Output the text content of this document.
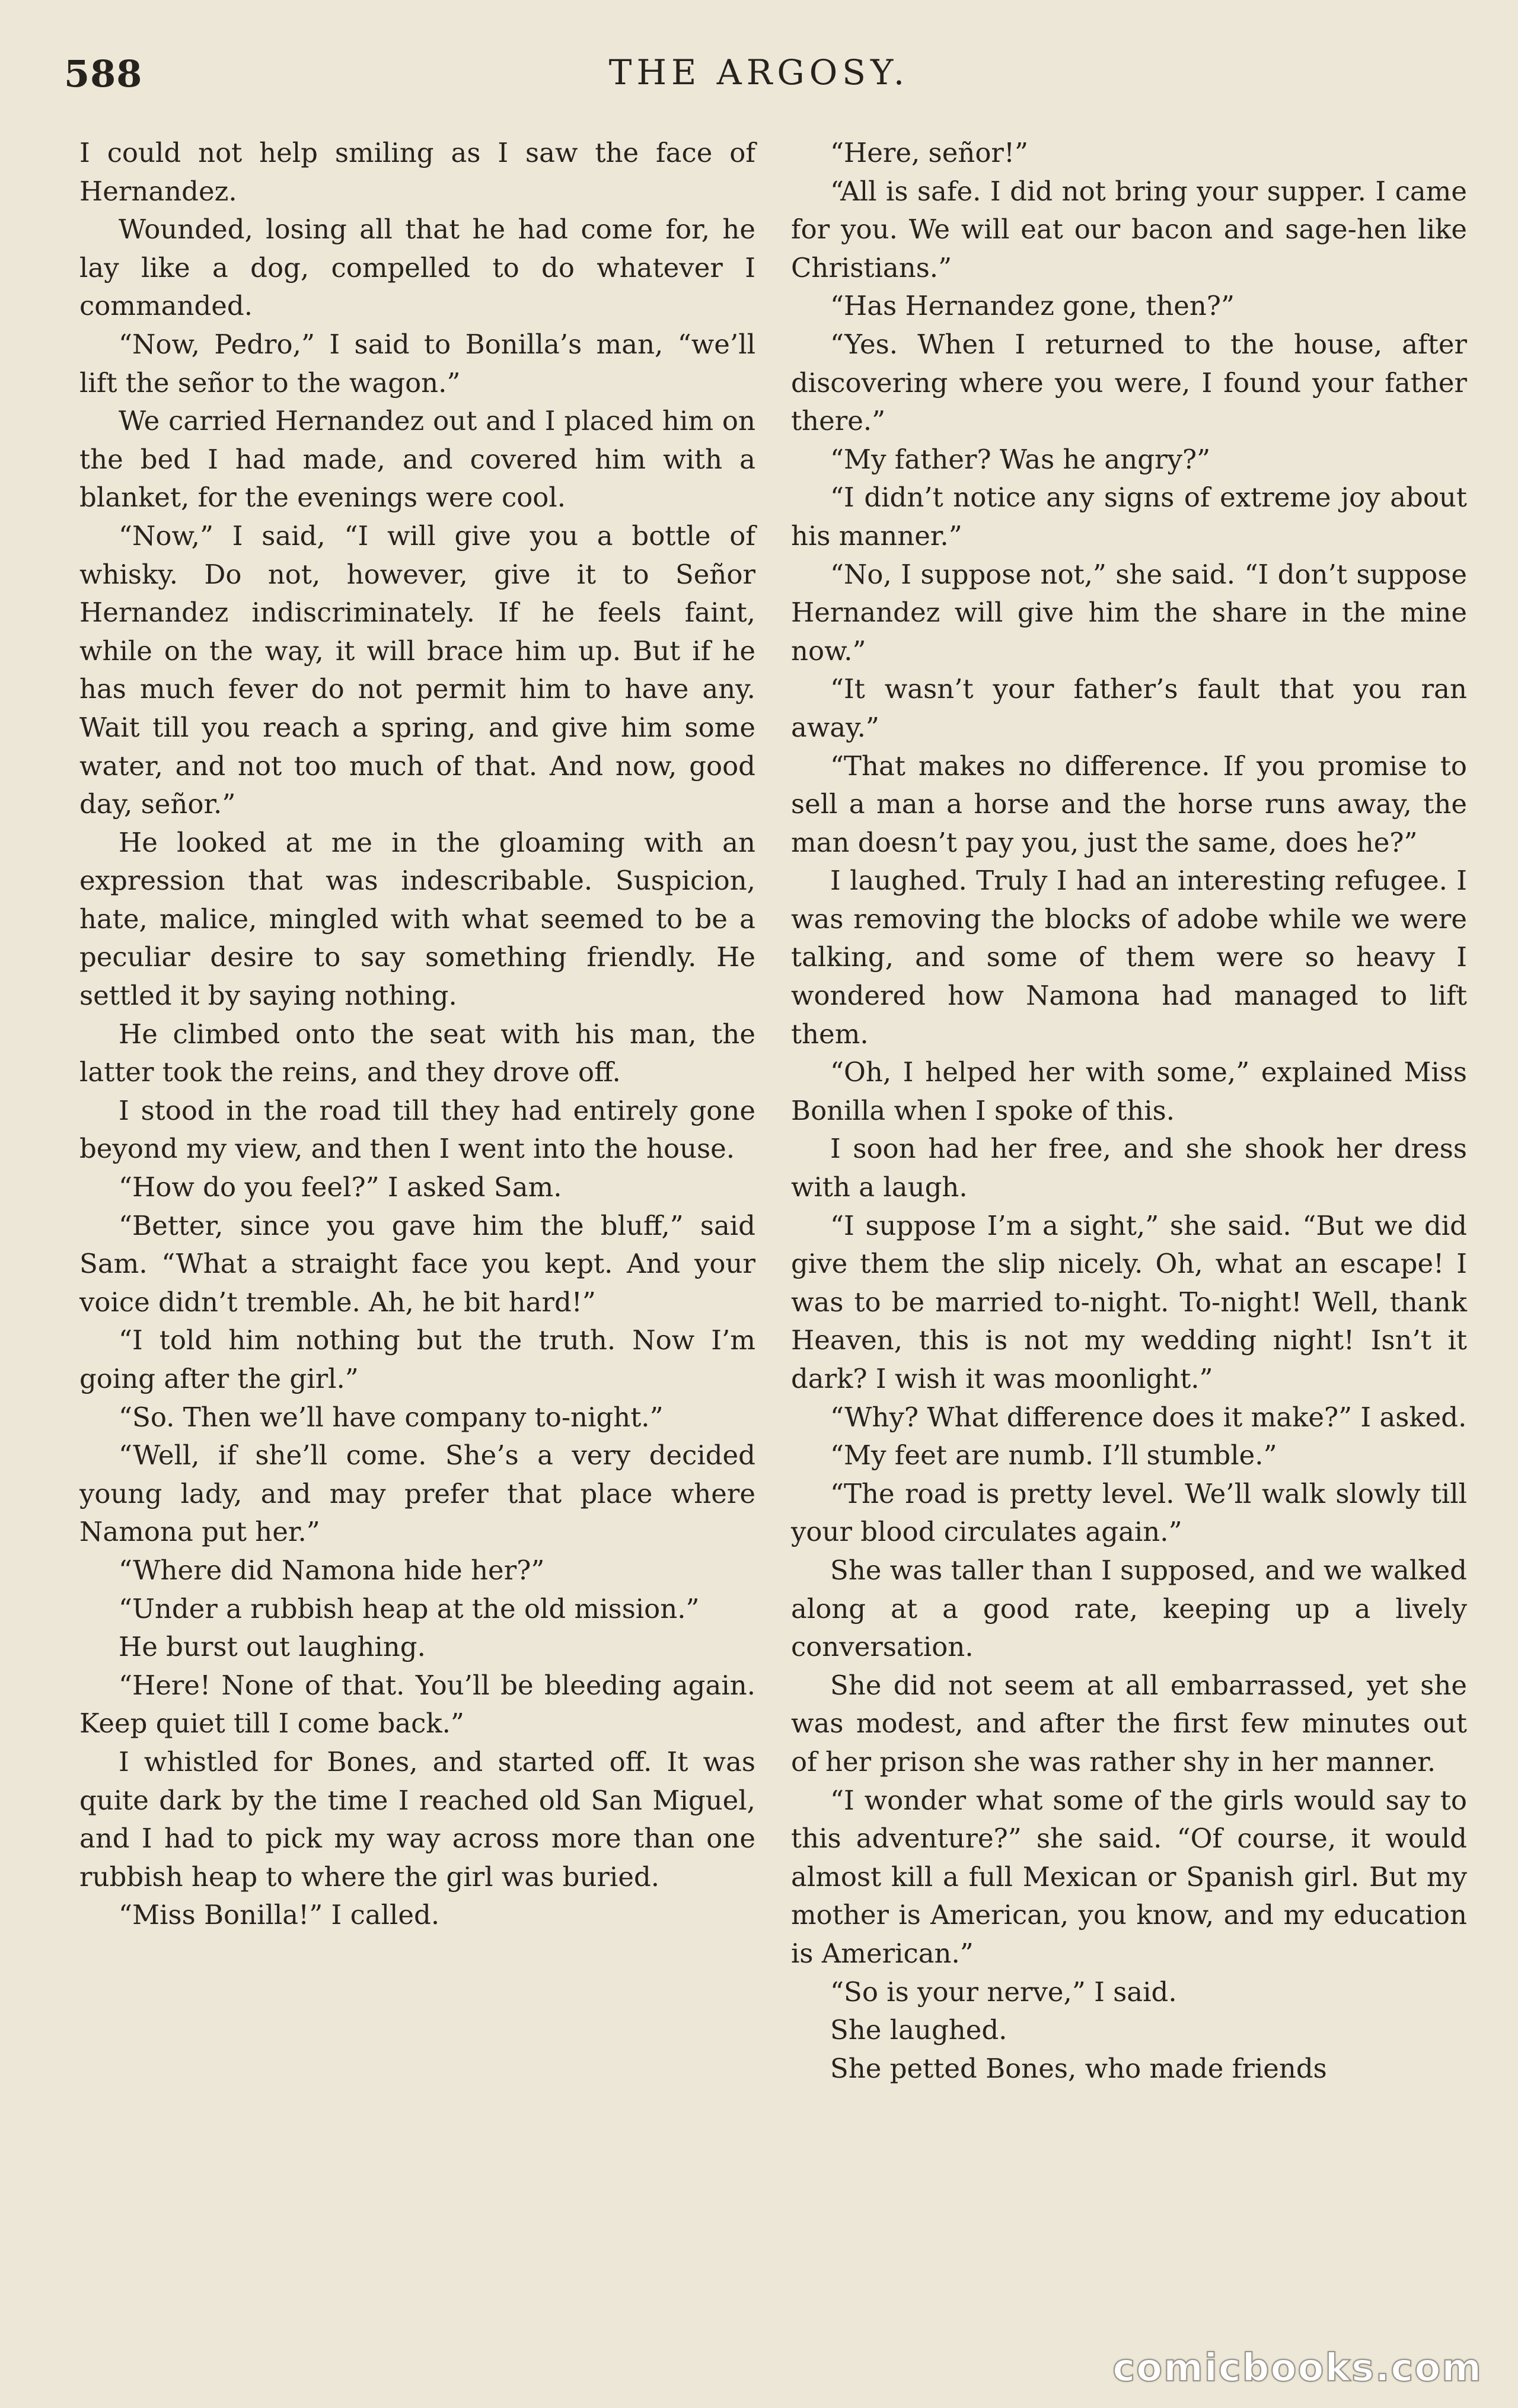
588	THE ARGOSY.

I could not help smiling as I saw the face of Hernandez.

Wounded, losing all that he had come for, he lay like a dog, compelled to do whatever I commanded.

“Now, Pedro,” I said to Bonilla’s man, “we’ll lift the señor to the wagon.”

We carried Hernandez out and I placed him on the bed I had made, and covered him with a blanket, for the evenings were cool.

“Now,” I said, “I will give you a bottle of whisky. Do not, however, give it to Señor Hernandez indiscriminately. If he feels faint, while on the way, it will brace him up. But if he has much fever do not permit him to have any. Wait till you reach a spring, and give him some water, and not too much of that. And now, good day, señor.”

He looked at me in the gloaming with an expression that was indescribable. Suspicion, hate, malice, mingled with what seemed to be a peculiar desire to say something friendly. He settled it by saying nothing.

He climbed onto the seat with his man, the latter took the reins, and they drove off.

I stood in the road till they had entirely gone beyond my view, and then I went into the house.

“How do you feel?” I asked Sam.

“Better, since you gave him the bluff,” said Sam. “What a straight face you kept. And your voice didn’t tremble. Ah, he bit hard!”

“I told him nothing but the truth. Now I’m going after the girl.”

“So. Then we’ll have company to-night.”

“Well, if she’ll come. She’s a very decided young lady, and may prefer that place where Namona put her.”

“Where did Namona hide her?”

“Under a rubbish heap at the old mission.”

He burst out laughing.

“Here! None of that. You’ll be bleeding again. Keep quiet till I come back.”

I whistled for Bones, and started off. It was quite dark by the time I reached old San Miguel, and I had to pick my way across more than one rubbish heap to where the girl was buried.

“Miss Bonilla!” I called.

“Here, señor!”

“All is safe. I did not bring your supper. I came for you. We will eat our bacon and sage-hen like Christians.”

“Has Hernandez gone, then?”

“Yes. When I returned to the house, after discovering where you were, I found your father there.”

“My father? Was he angry?”

“I didn’t notice any signs of extreme joy about his manner.”

“No, I suppose not,” she said. “I don’t suppose Hernandez will give him the share in the mine now.”

“It wasn’t your father’s fault that you ran away.”

“That makes no difference. If you promise to sell a man a horse and the horse runs away, the man doesn’t pay you, just the same, does he?”

I laughed. Truly I had an interesting refugee. I was removing the blocks of adobe while we were talking, and some of them were so heavy I wondered how Namona had managed to lift them.

“Oh, I helped her with some,” explained Miss Bonilla when I spoke of this.

I soon had her free, and she shook her dress with a laugh.

“I suppose I’m a sight,” she said. “But we did give them the slip nicely. Oh, what an escape! I was to be married to-night. To-night! Well, thank Heaven, this is not my wedding night! Isn’t it dark? I wish it was moonlight.”

“Why? What difference does it make?” I asked.

“My feet are numb. I’ll stumble.”

“The road is pretty level. We’ll walk slowly till your blood circulates again.”

She was taller than I supposed, and we walked along at a good rate, keeping up a lively conversation.

She did not seem at all embarrassed, yet she was modest, and after the first few minutes out of her prison she was rather shy in her manner.

“I wonder what some of the girls would say to this adventure?” she said. “Of course, it would almost kill a full Mexican or Spanish girl. But my mother is American, you know, and my education is American.”

“So is your nerve,” I said.

She laughed.

She petted Bones, who made friends

comicbooks.com
